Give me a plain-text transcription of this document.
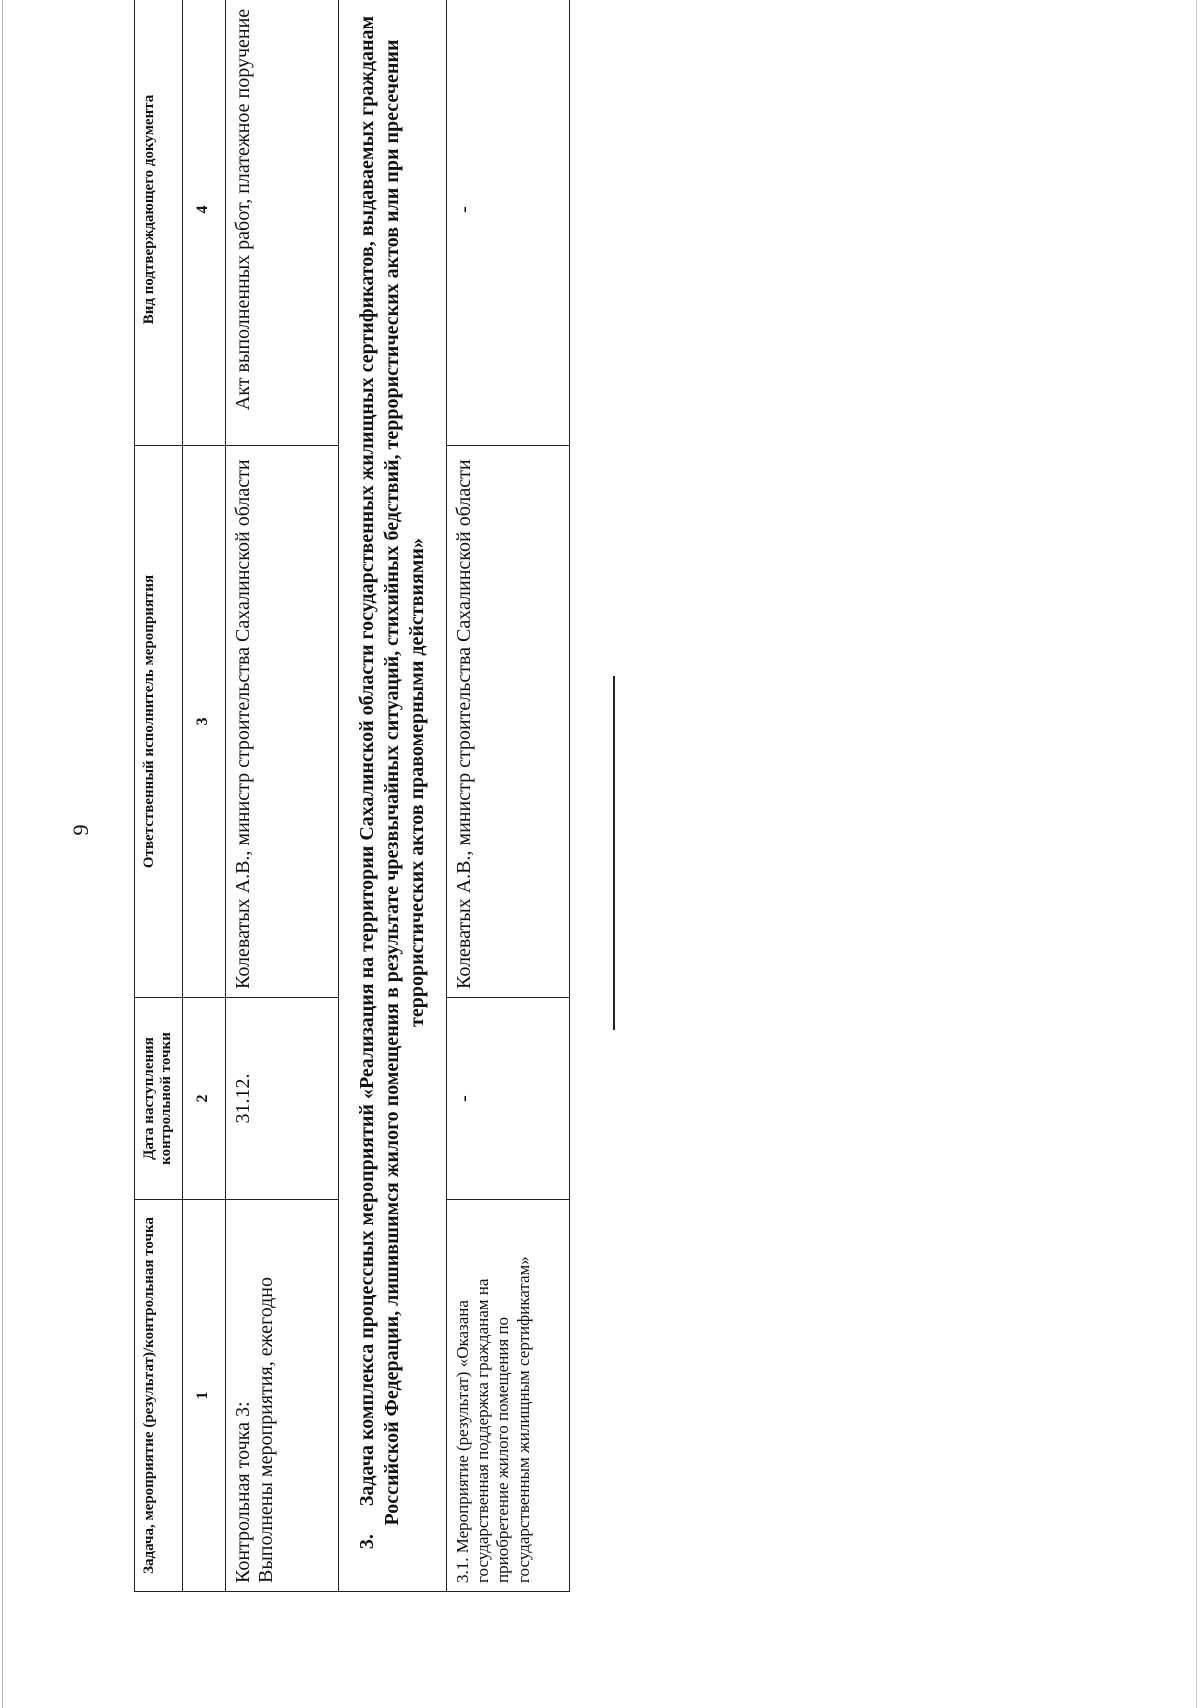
9
Задача, мероприятие (результат)/контрольная точка	Дата наступления контрольной точки	Ответственный исполнитель мероприятия	Вид подтверждающего документа
1	2	3	4

Контрольная точка 3: Выполнены мероприятия, ежегодно	31.12.	Колеватых А.В., министр строительства Сахалинской области	Акт выполненных работ, платежное поручение
3.Задача комплекса процессных мероприятий «Реализация на территории Сахалинской области государственных жилищных сертификатов, выдаваемых гражданам Российской Федерации, лишившимся жилого помещения в результате чрезвычайных ситуаций, стихийных бедствий, террористических актов или при пресечении террористических актов правомерными действиями»			
3.1. Мероприятие (результат) «Оказана государственная поддержка гражданам на приобретение жилого помещения по государственным жилищным сертификатам»	-	Колеватых А.В., министр строительства Сахалинской области	-
